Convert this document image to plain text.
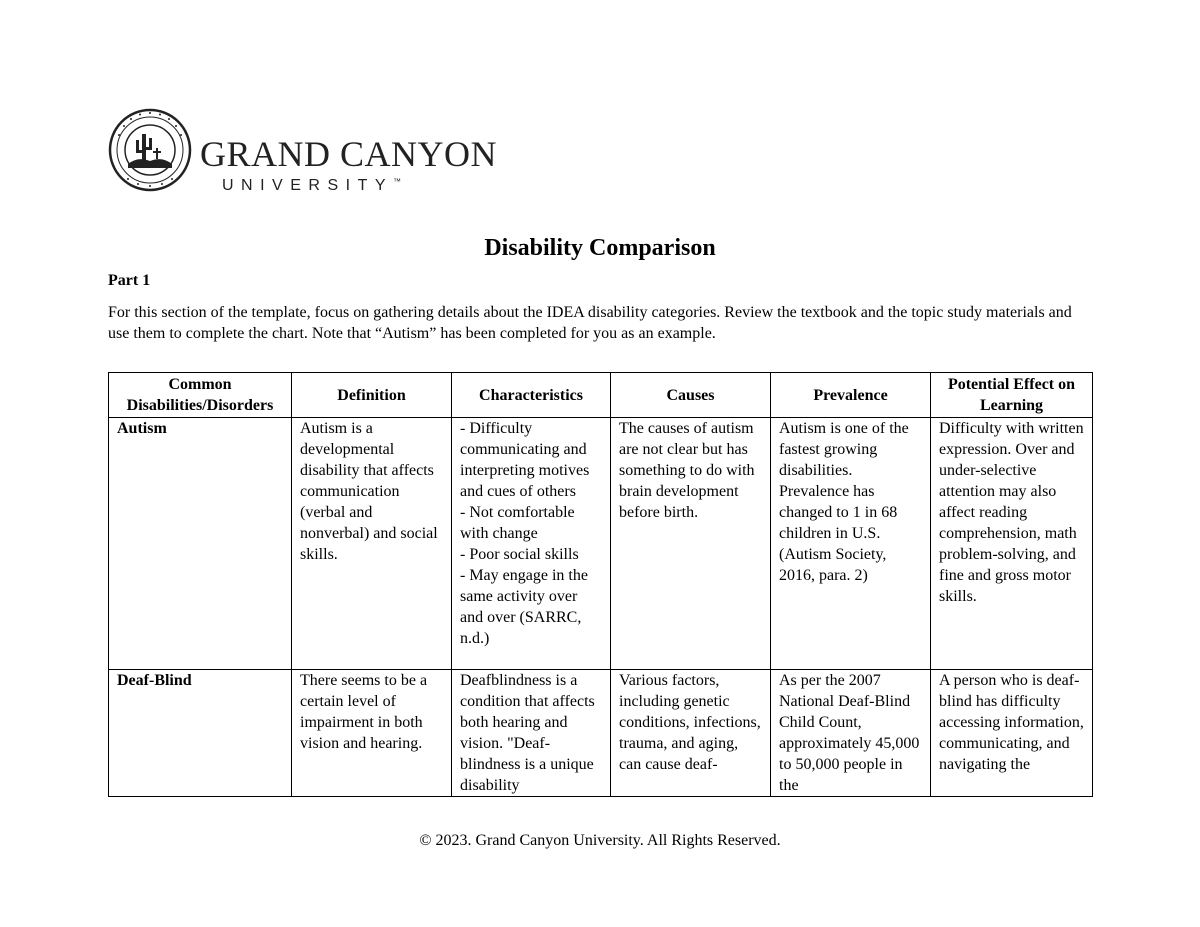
GRAND CANYON
UNIVERSITY™
Disability Comparison
Part 1
For this section of the template, focus on gathering details about the IDEA disability categories. Review the textbook and the topic study materials and use them to complete the chart. Note that “Autism” has been completed for you as an example.
Common Disabilities/Disorders	Definition	Characteristics	Causes	Prevalence	Potential Effect on Learning
Autism	Autism is a developmental disability that affects communication (verbal and nonverbal) and social skills.	- Difficulty communicating and interpreting motives and cues of others
- Not comfortable with change
- Poor social skills
- May engage in the same activity over and over (SARRC, n.d.)	The causes of autism are not clear but has something to do with brain development before birth.	Autism is one of the fastest growing disabilities. Prevalence has changed to 1 in 68 children in U.S. (Autism Society, 2016, para. 2)	Difficulty with written expression. Over and under-selective attention may also affect reading comprehension, math problem-solving, and fine and gross motor skills.
Deaf-Blind	There seems to be a certain level of impairment in both vision and hearing.	Deafblindness is a condition that affects both hearing and vision. "Deaf-blindness is a unique disability	Various factors, including genetic conditions, infections, trauma, and aging, can cause deaf-	As per the 2007 National Deaf-Blind Child Count, approximately 45,000 to 50,000 people in the	A person who is deaf-blind has difficulty accessing information, communicating, and navigating the
© 2023. Grand Canyon University. All Rights Reserved.
